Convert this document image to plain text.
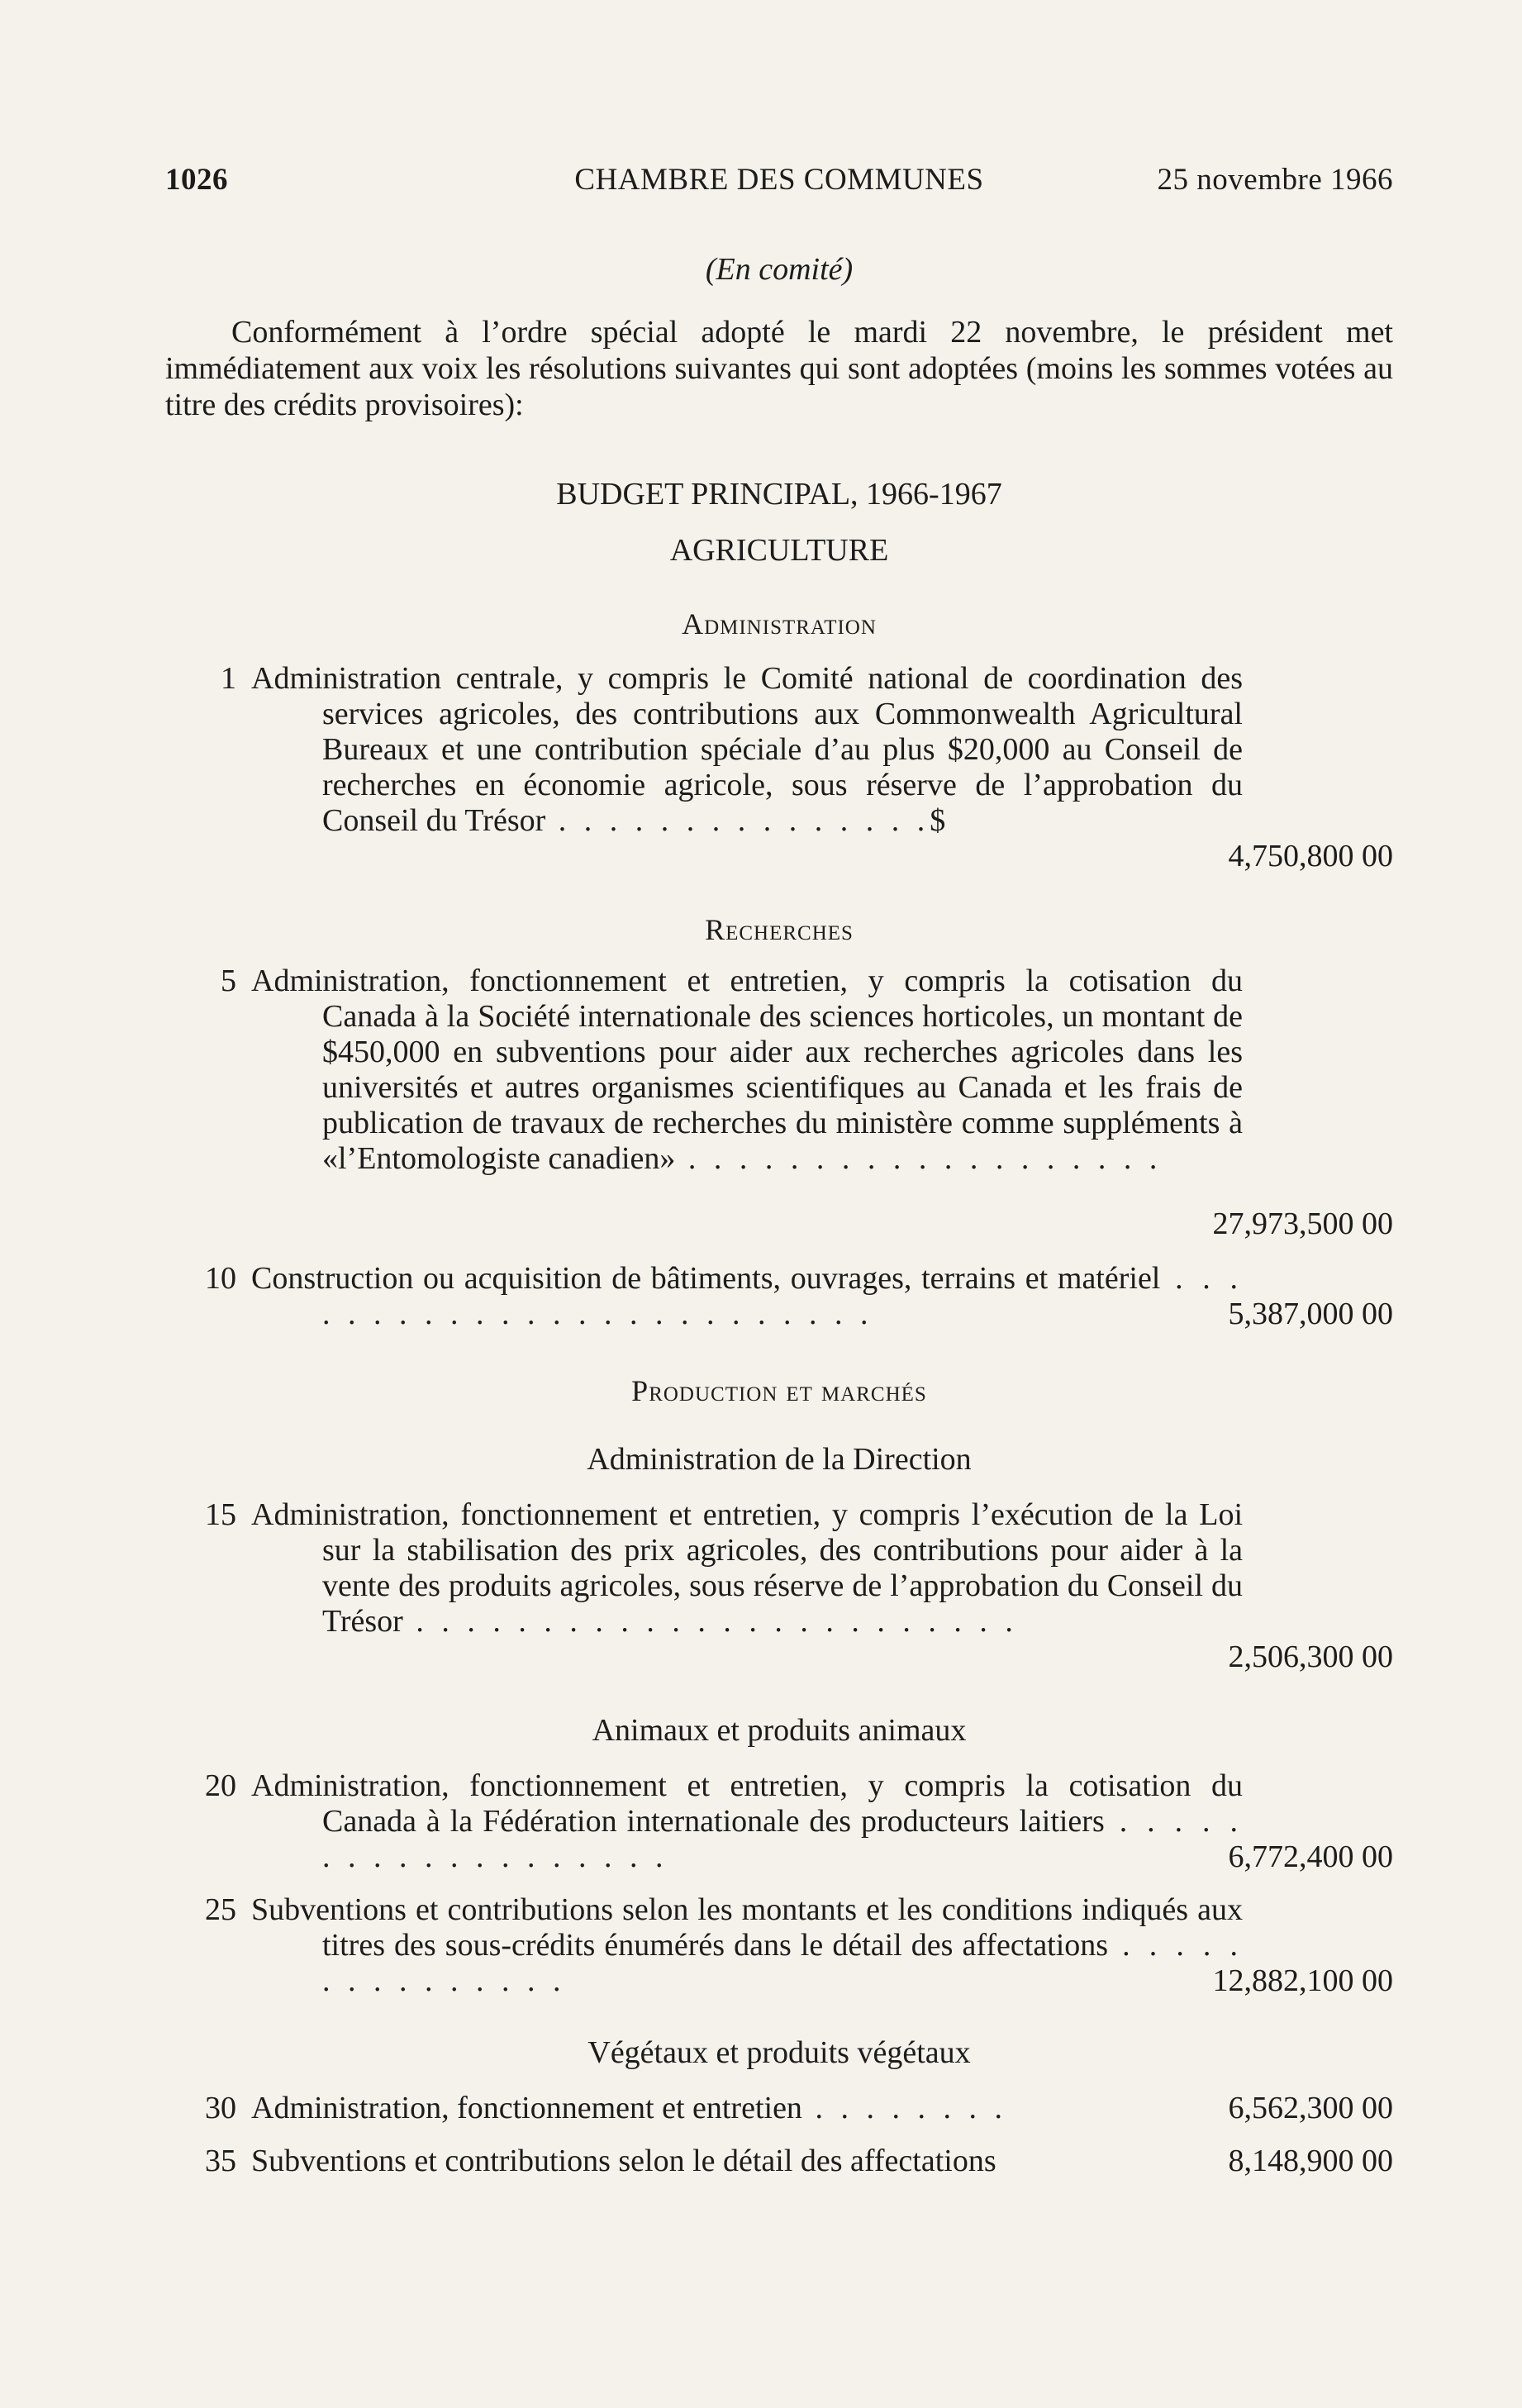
1026	CHAMBRE DES COMMUNES	25 novembre 1966
(En comité)
Conformément à l’ordre spécial adopté le mardi 22 novembre, le président met immédiatement aux voix les résolutions suivantes qui sont adoptées (moins les sommes votées au titre des crédits provisoires):
BUDGET PRINCIPAL, 1966-1967
AGRICULTURE
Administration
1 Administration centrale, y compris le Comité national de coordination des services agricoles, des contributions aux Commonwealth Agricultural Bureaux et une contribution spéciale d’au plus $20,000 au Conseil de recherches en économie agricole, sous réserve de l’approbation du Conseil du Trésor . . . . . . . . . . . . . . .$
4,750,800 00
Recherches
5 Administration, fonctionnement et entretien, y compris la cotisation du Canada à la Société internationale des sciences horticoles, un montant de $450,000 en subventions pour aider aux recherches agricoles dans les universités et autres organismes scientifiques au Canada et les frais de publication de travaux de recherches du ministère comme suppléments à «l’Entomologiste canadien» . . . . . . . . . . . . . . . . . . .
27,973,500 00
10 Construction ou acquisition de bâtiments, ouvrages, terrains et matériel . . . . . . . . . . . . . . . . . . . . . . . . .	5,387,000 00
Production et marchés
Administration de la Direction
15 Administration, fonctionnement et entretien, y compris l’exécution de la Loi sur la stabilisation des prix agricoles, des contributions pour aider à la vente des produits agricoles, sous réserve de l’approbation du Conseil du Trésor . . . . . . . . . . . . . . . . . . . . . . . .
2,506,300 00
Animaux et produits animaux
20 Administration, fonctionnement et entretien, y compris la cotisation du Canada à la Fédération internationale des producteurs laitiers . . . . . . . . . . . . . . . . . . .	6,772,400 00
25 Subventions et contributions selon les montants et les conditions indiqués aux titres des sous-crédits énumérés dans le détail des affectations . . . . . . . . . . . . . . .	12,882,100 00
Végétaux et produits végétaux
30 Administration, fonctionnement et entretien . . . . . . . .	6,562,300 00
35 Subventions et contributions selon le détail des affectations	8,148,900 00
